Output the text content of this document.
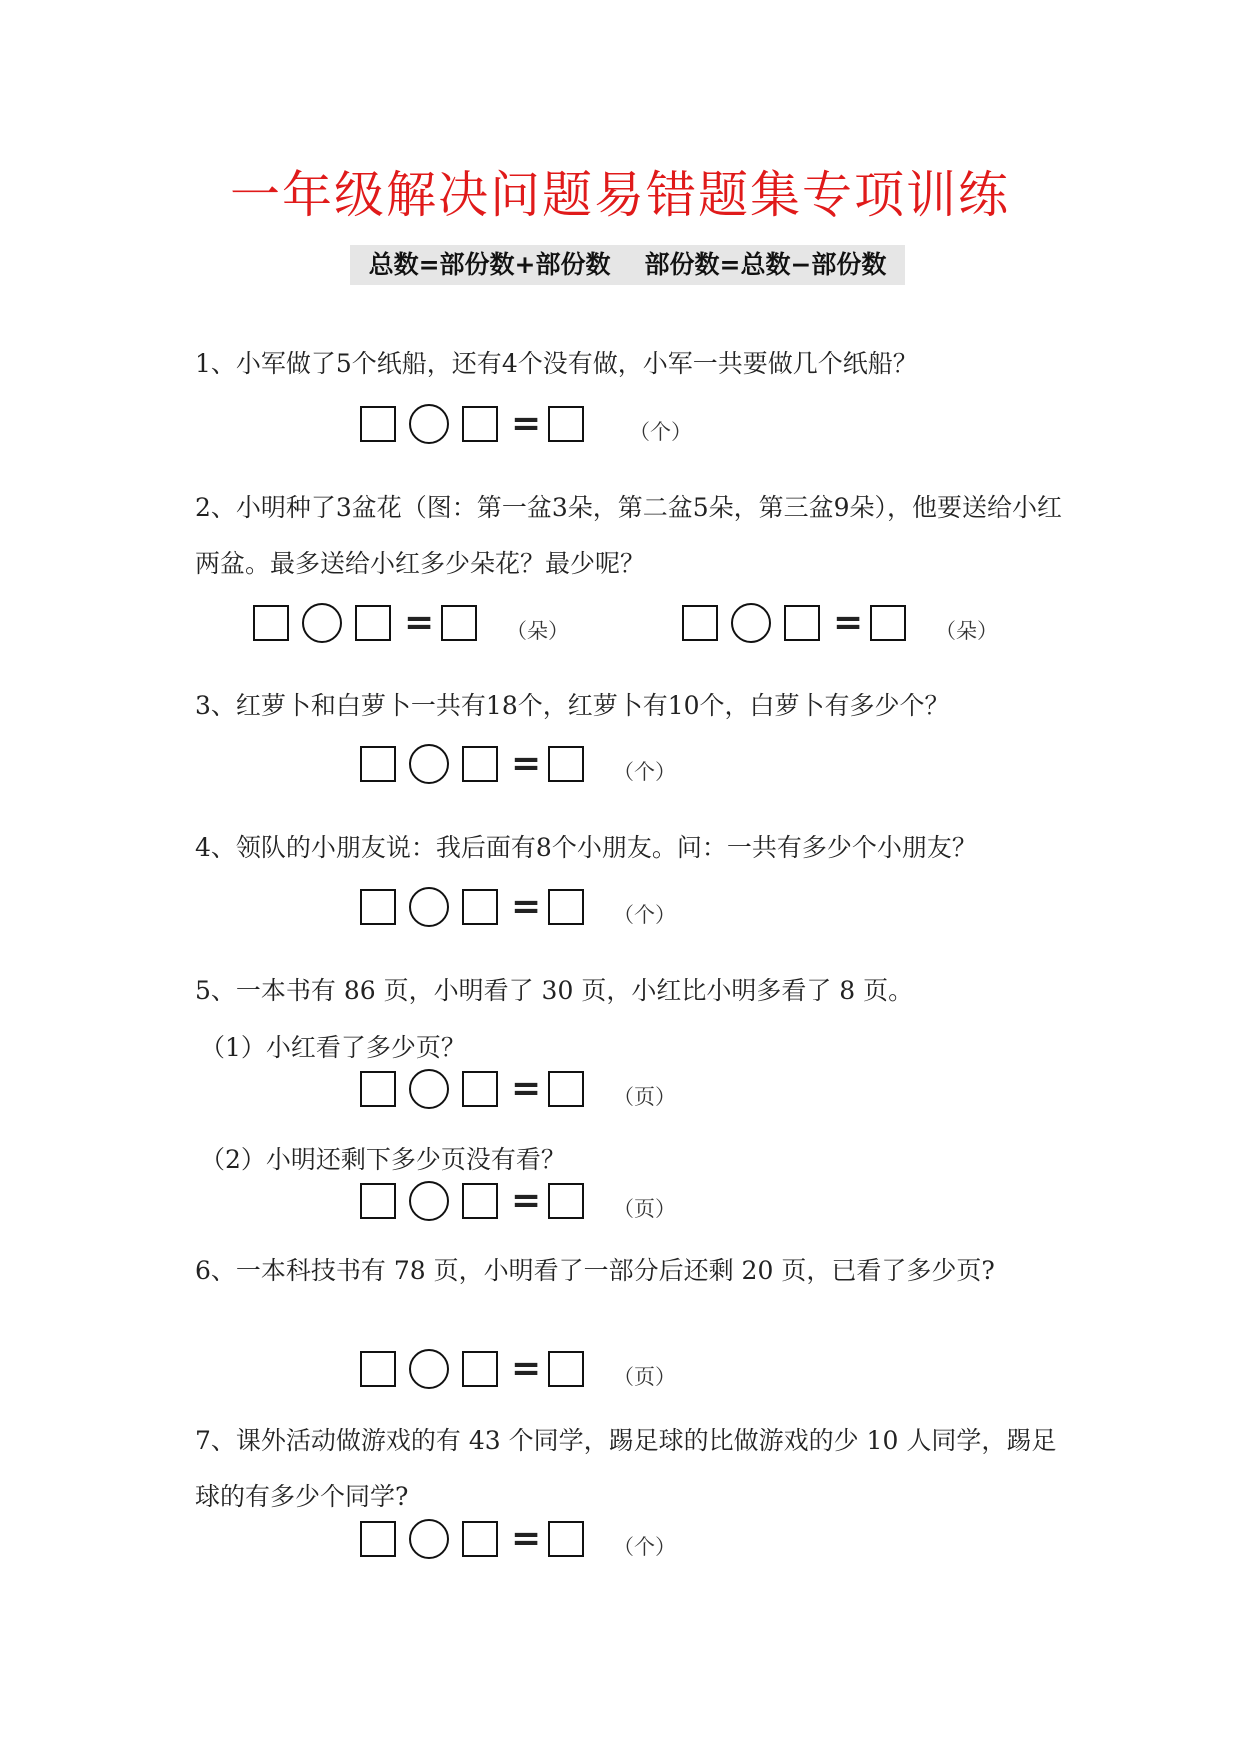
一年级解决问题易错题集专项训练
总数=部份数+部份数 部份数=总数−部份数

1、小军做了5个纸船，还有4个没有做，小军一共要做几个纸船？

=	（个）

2、小明种了3盆花（图：第一盆3朵，第二盆5朵，第三盆9朵），他要送给小红两盆。最多送给小红多少朵花？最少呢？

=	（朵）	=	（朵）

3、红萝卜和白萝卜一共有18个，红萝卜有10个，白萝卜有多少个？

=	（个）

4、领队的小朋友说：我后面有8个小朋友。问：一共有多少个小朋友？

=	（个）

5、一本书有 86 页，小明看了 30 页，小红比小明多看了 8 页。

（1）小红看了多少页？
=	（页）
（2）小明还剩下多少页没有看？
=	（页）

6、一本科技书有 78 页，小明看了一部分后还剩 20 页，已看了多少页?

=	（页）

7、课外活动做游戏的有 43 个同学，踢足球的比做游戏的少 10 人同学，踢足球的有多少个同学?

=	（个）
